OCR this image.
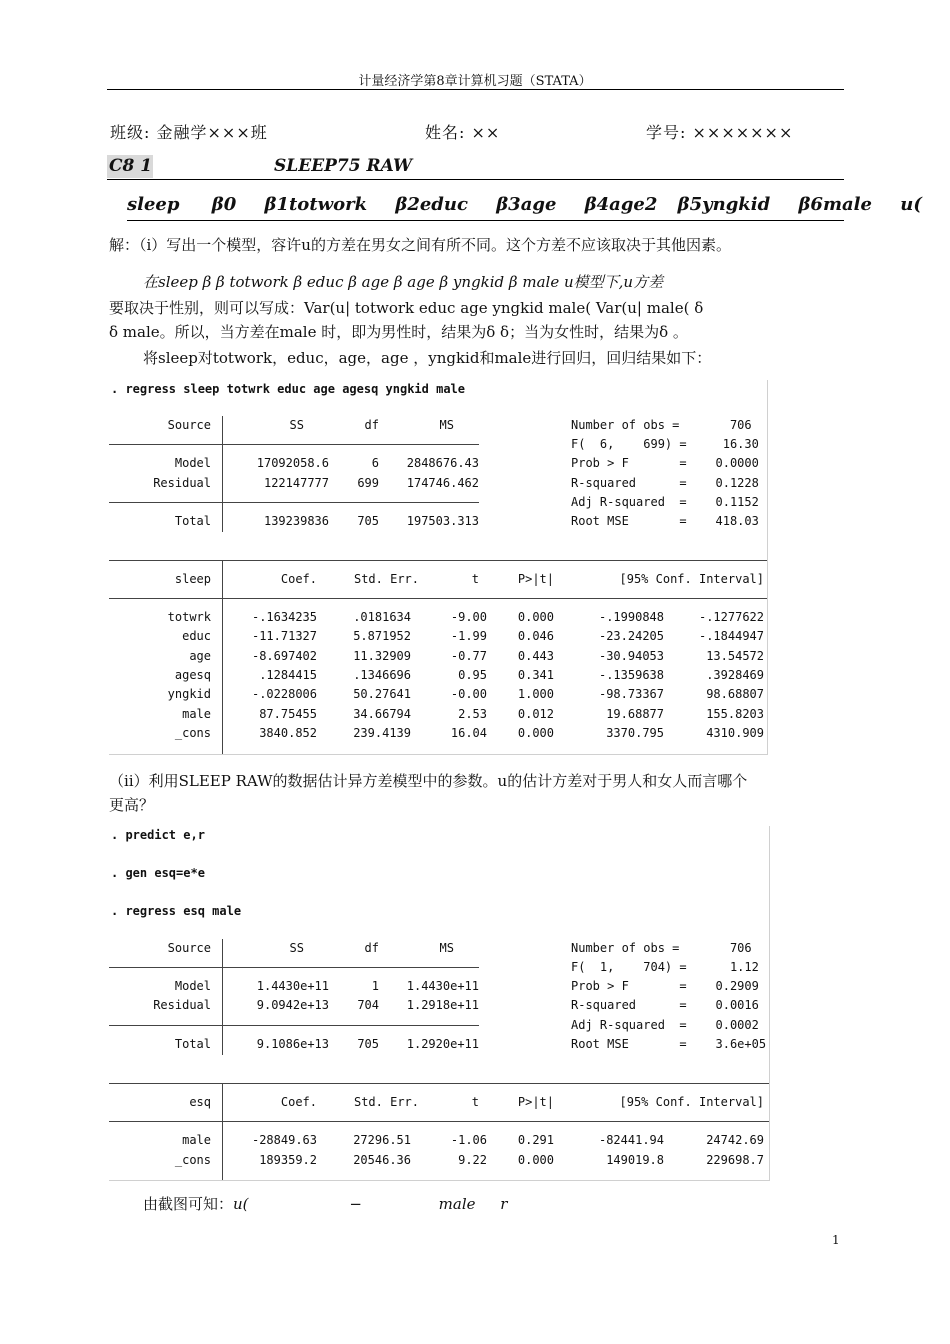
计量经济学第8章计算机习题（STATA）
班级: 金融学×××班	姓名: ××	学号: ×××××××
C8 1	SLEEP75 RAW
sleep β0 β1totwork β2educ β3age β4age2 β5yngkid β6male u(
解：（ⅰ）写出一个模型，容许u的方差在男女之间有所不同。这个方差不应该取决于其他因素。
在sleep β β totwork β educ β age β age β yngkid β male u模型下,u方差
要取决于性别，则可以写成：Var(u| totwork educ age yngkid male( Var(u| male( δ
δ male。所以，当方差在male 时，即为男性时，结果为δ δ；当为女性时，结果为δ 。
将sleep对totwork，educ，age，age ，yngkid和male进行回归，回归结果如下：
. regress sleep totwrk educ age agesq yngkid male
Source	SS	df	MS
Model	17092058.6	6	2848676.43
Residual	122147777	699	174746.462
Total	139239836	705	197503.313
Number of obs =       706
F(  6,    699) =     16.30
Prob > F       =    0.0000
R-squared      =    0.1228
Adj R-squared  =    0.1152
Root MSE       =    418.03
sleep	Coef.	Std. Err.	t	P>|t|	[95% Conf. Interval]
totwrk	-.1634235	.0181634	-9.00	0.000	-.1990848	-.1277622
educ	-11.71327	5.871952	-1.99	0.046	-23.24205	-.1844947
age	-8.697402	11.32909	-0.77	0.443	-30.94053	13.54572
agesq	.1284415	.1346696	0.95	0.341	-.1359638	.3928469
yngkid	-.0228006	50.27641	-0.00	1.000	-98.73367	98.68807
male	87.75455	34.66794	2.53	0.012	19.68877	155.8203
_cons	3840.852	239.4139	16.04	0.000	3370.795	4310.909
（ⅱ）利用SLEEP RAW的数据估计异方差模型中的参数。u的估计方差对于男人和女人而言哪个
更高？
. predict e,r
. gen esq=e*e
. regress esq male
Source	SS	df	MS
Model	1.4430e+11	1	1.4430e+11
Residual	9.0942e+13	704	1.2918e+11
Total	9.1086e+13	705	1.2920e+11
Number of obs =       706
F(  1,    704) =      1.12
Prob > F       =    0.2909
R-squared      =    0.0016
Adj R-squared  =    0.0002
Root MSE       =    3.6e+05
esq	Coef.	Std. Err.	t	P>|t|	[95% Conf. Interval]
male	-28849.63	27296.51	-1.06	0.291	-82441.94	24742.69
_cons	189359.2	20546.36	9.22	0.000	149019.8	229698.7
由截图可知：u(	−	male r
1
